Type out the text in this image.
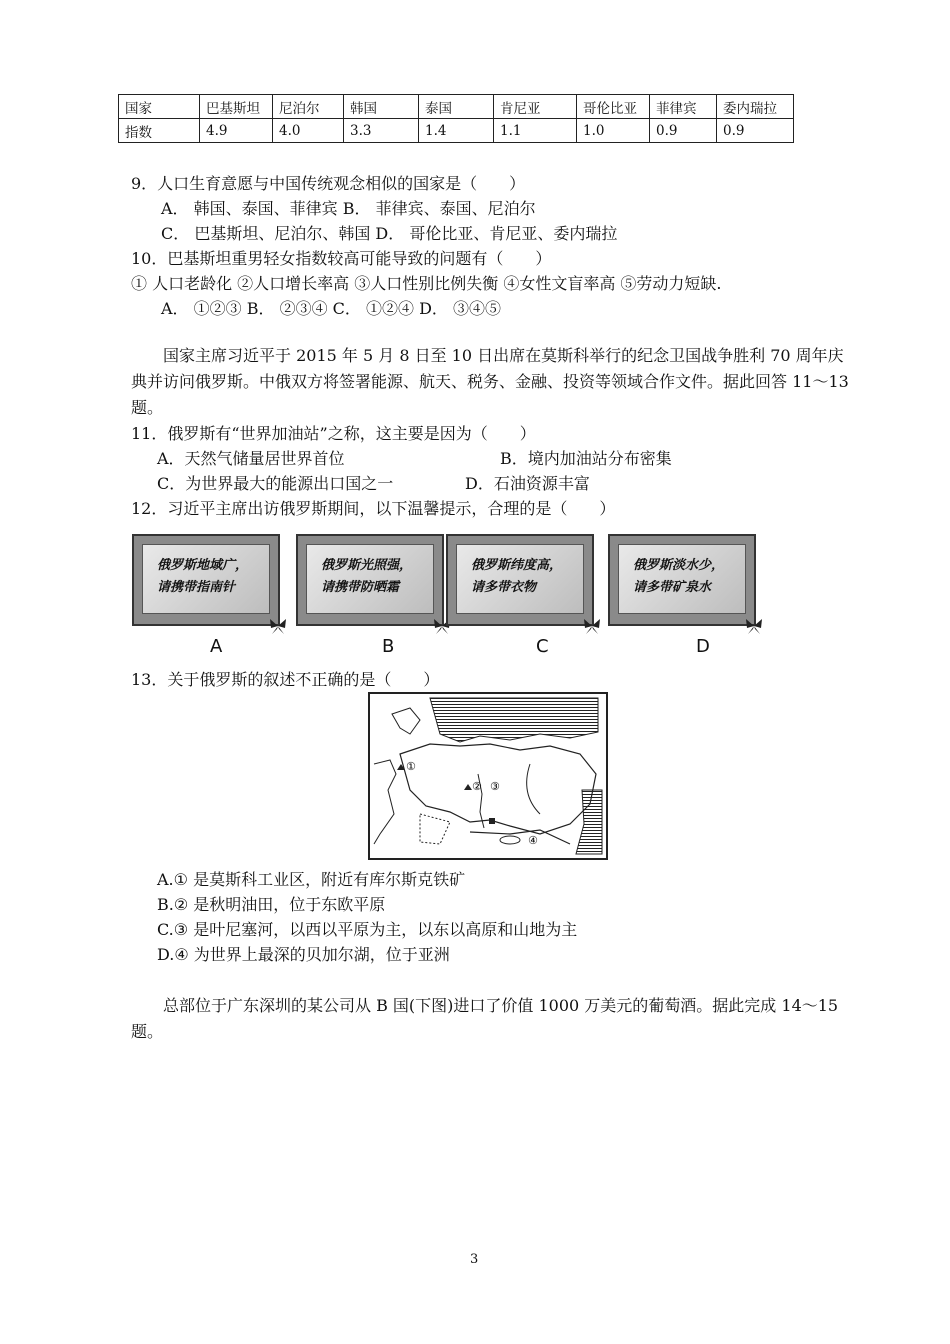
国家	巴基斯坦	尼泊尔	韩国	泰国	肯尼亚	哥伦比亚	菲律宾	委内瑞拉
指数	4.9	4.0	3.3	1.4	1.1	1.0	0.9	0.9
9．人口生育意愿与中国传统观念相似的国家是（　　）
A． 韩国、泰国、菲律宾 B． 菲律宾、泰国、尼泊尔
C． 巴基斯坦、尼泊尔、韩国 D． 哥伦比亚、肯尼亚、委内瑞拉
10．巴基斯坦重男轻女指数较高可能导致的问题有（　　）
① 人口老龄化 ②人口增长率高 ③人口性别比例失衡 ④女性文盲率高 ⑤劳动力短缺.
A． ①②③ B． ②③④ C． ①②④ D． ③④⑤
国家主席习近平于 2015 年 5 月 8 日至 10 日出席在莫斯科举行的纪念卫国战争胜利 70 周年庆典并访问俄罗斯。中俄双方将签署能源、航天、税务、金融、投资等领域合作文件。据此回答 11～13 题。
11．俄罗斯有“世界加油站”之称，这主要是因为（　　）
A．天然气储量居世界首位	B．境内加油站分布密集
C．为世界最大的能源出口国之一	D．石油资源丰富
12．习近平主席出访俄罗斯期间，以下温馨提示，合理的是（　　）
俄罗斯地域广，
请携带指南针
俄罗斯光照强，
请携带防晒霜
俄罗斯纬度高，
请多带衣物
俄罗斯淡水少，
请多带矿泉水
A	B	C	D
13．关于俄罗斯的叙述不正确的是（　　）
①
② ③
④
A.① 是莫斯科工业区，附近有库尔斯克铁矿
B.② 是秋明油田，位于东欧平原
C.③ 是叶尼塞河，以西以平原为主，以东以高原和山地为主
D.④ 为世界上最深的贝加尔湖，位于亚洲
总部位于广东深圳的某公司从 B 国(下图)进口了价值 1000 万美元的葡萄酒。据此完成 14～15 题。
3
